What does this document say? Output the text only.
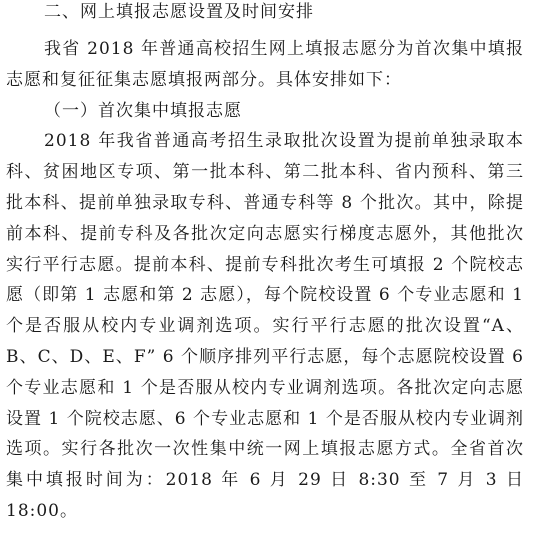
二、网上填报志愿设置及时间安排

我省 2018 年普通高校招生网上填报志愿分为首次集中填报志愿和复征征集志愿填报两部分。具体安排如下：

（一）首次集中填报志愿

2018 年我省普通高考招生录取批次设置为提前单独录取本科、贫困地区专项、第一批本科、第二批本科、省内预科、第三批本科、提前单独录取专科、普通专科等 8 个批次。其中，除提前本科、提前专科及各批次定向志愿实行梯度志愿外，其他批次实行平行志愿。提前本科、提前专科批次考生可填报 2 个院校志愿（即第 1 志愿和第 2 志愿），每个院校设置 6 个专业志愿和 1 个是否服从校内专业调剂选项。实行平行志愿的批次设置“A、B、C、D、E、F” 6 个顺序排列平行志愿，每个志愿院校设置 6 个专业志愿和 1 个是否服从校内专业调剂选项。各批次定向志愿设置 1 个院校志愿、6 个专业志愿和 1 个是否服从校内专业调剂选项。实行各批次一次性集中统一网上填报志愿方式。全省首次集中填报时间为：2018 年 6 月 29 日 8:30 至 7 月 3 日 18:00。
